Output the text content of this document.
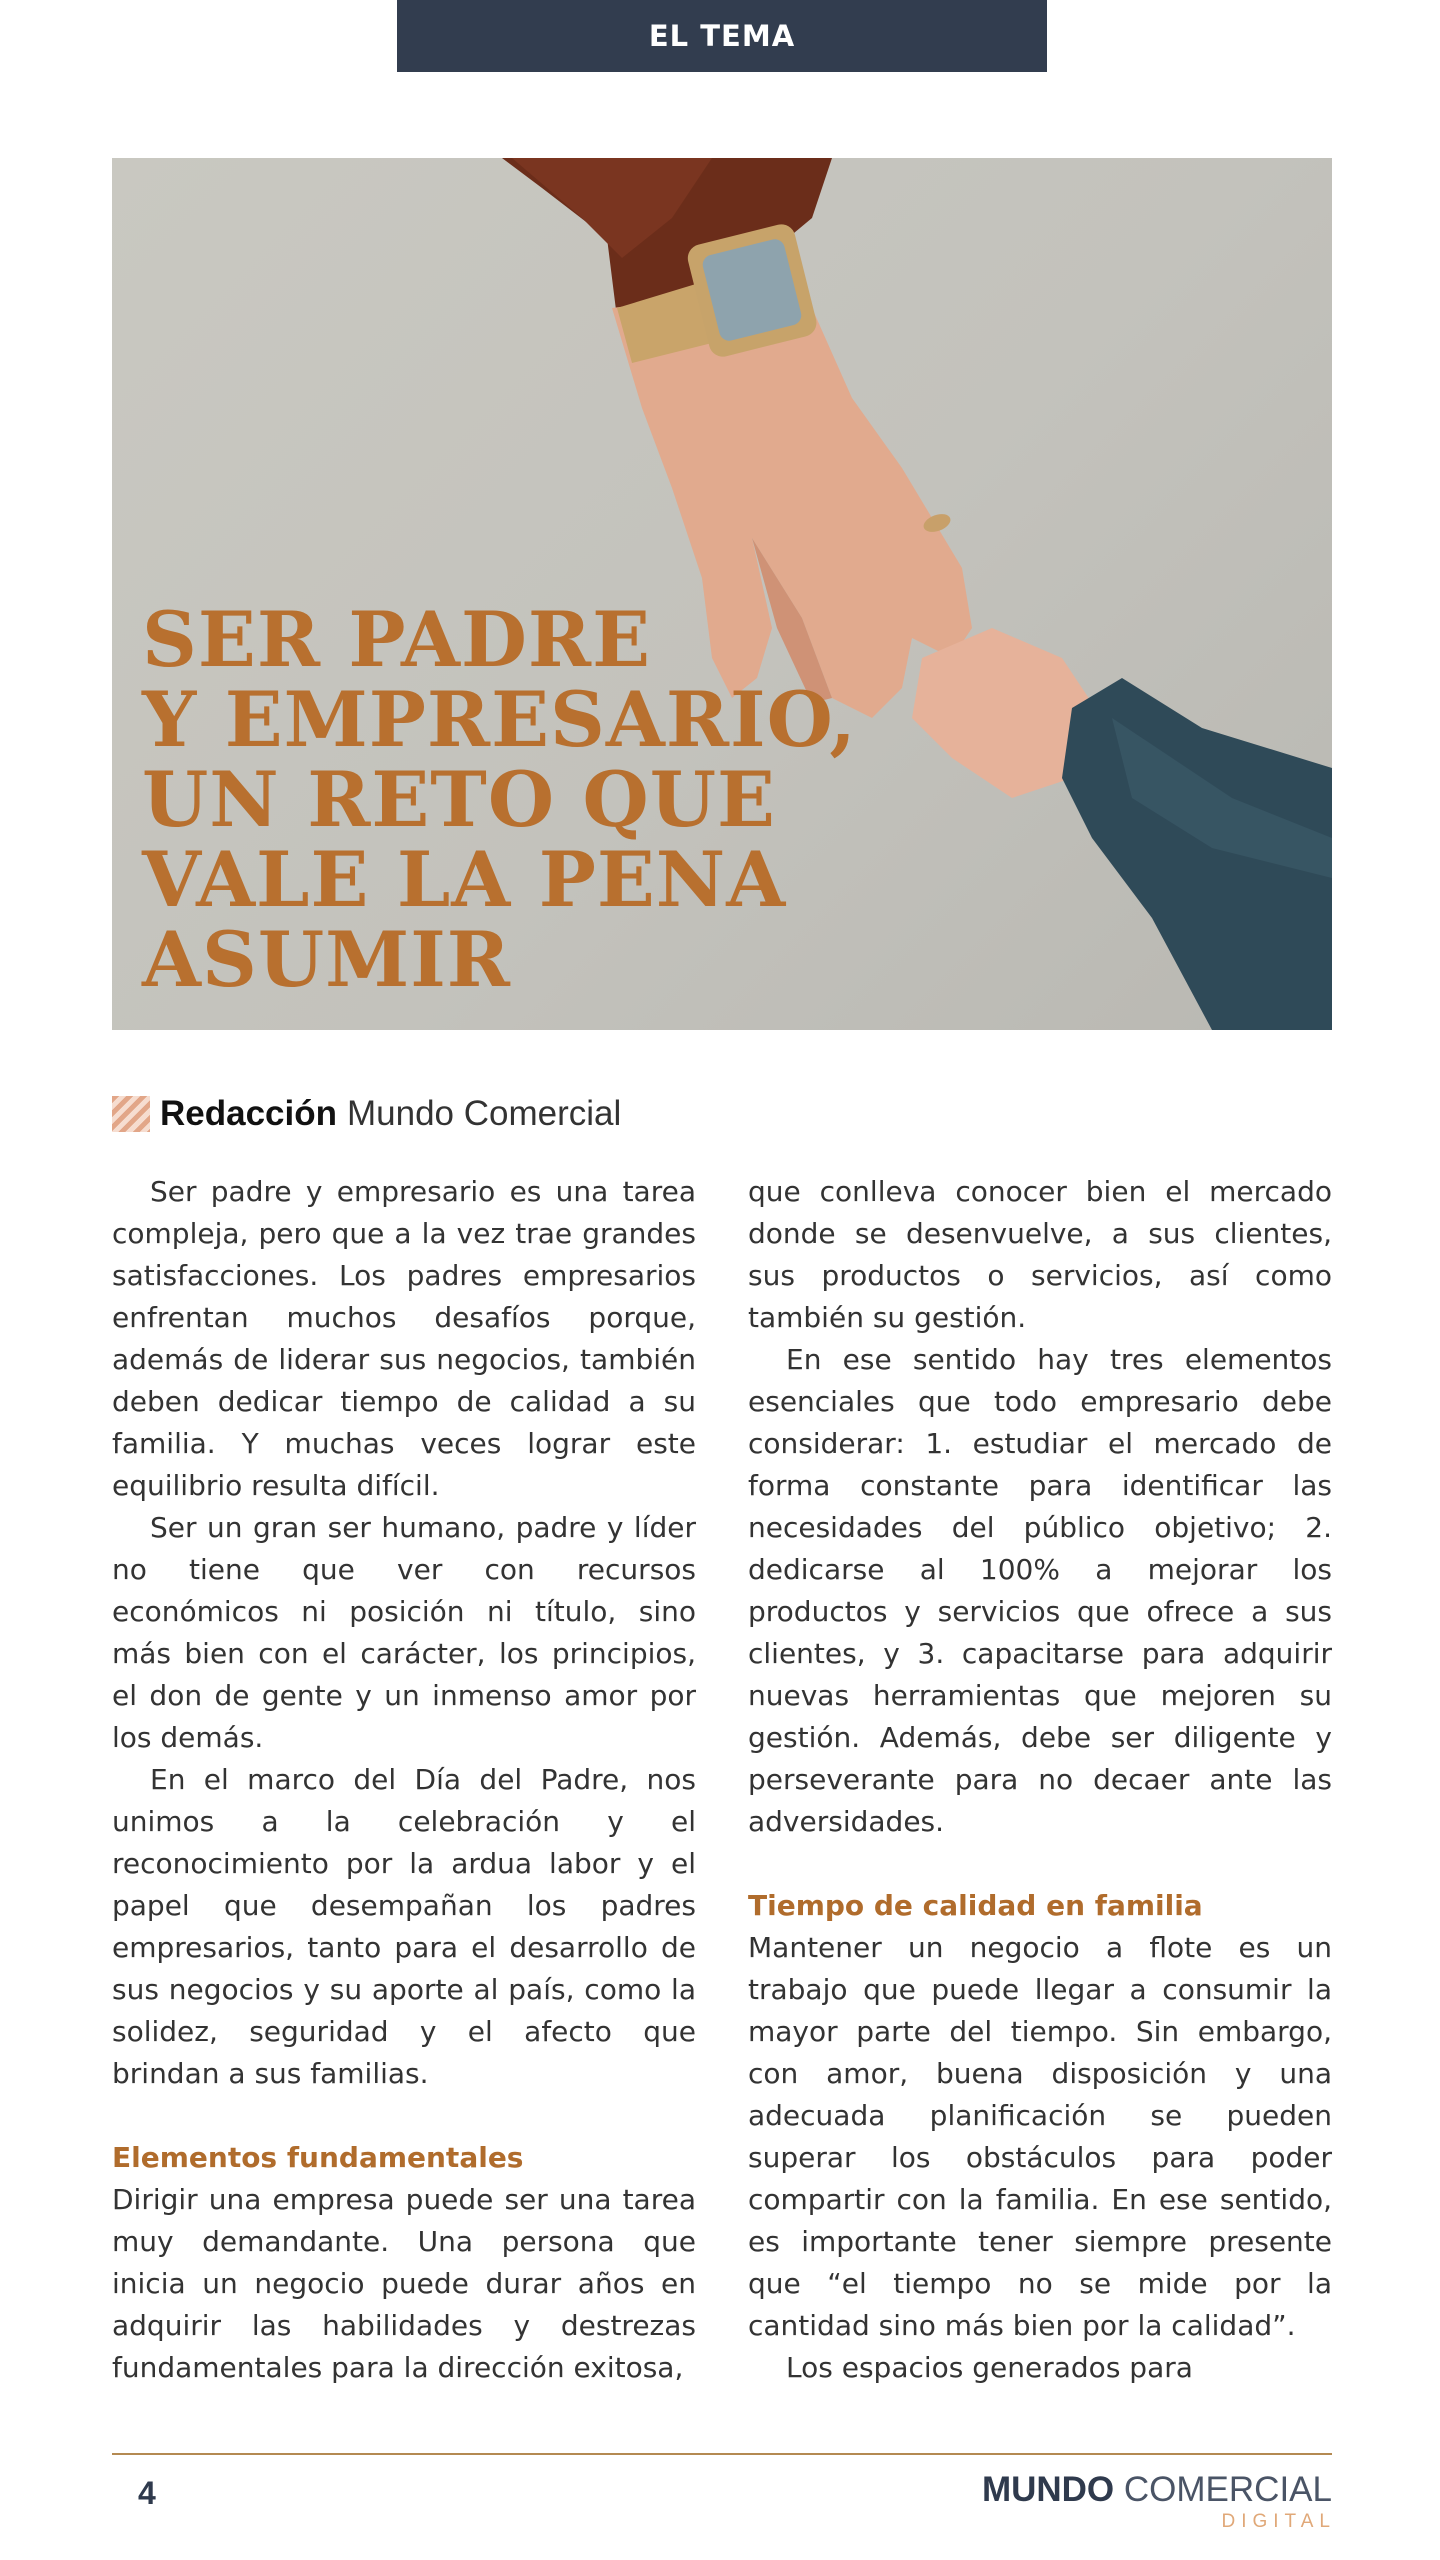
EL TEMA
SER PADRE
Y EMPRESARIO,
UN RETO QUE
VALE LA PENA
ASUMIR
Redacción Mundo Comercial

Ser padre y empresario es una tarea compleja, pero que a la vez trae grandes satisfacciones. Los padres empresarios enfrentan muchos desafíos porque, además de liderar sus negocios, también deben dedicar tiempo de calidad a su familia. Y muchas veces lograr este equilibrio resulta difícil.

Ser un gran ser humano, padre y líder no tiene que ver con recursos económicos ni posición ni título, sino más bien con el carácter, los principios, el don de gente y un inmenso amor por los demás.

En el marco del Día del Padre, nos unimos a la celebración y el reconocimiento por la ardua labor y el papel que desempañan los padres empresarios, tanto para el desarrollo de sus negocios y su aporte al país, como la solidez, seguridad y el afecto que brindan a sus familias.

Elementos fundamentales

Dirigir una empresa puede ser una tarea muy demandante. Una persona que inicia un negocio puede durar años en adquirir las habilidades y destrezas fundamentales para la dirección exitosa,

que conlleva conocer bien el mercado donde se desenvuelve, a sus clientes, sus productos o servicios, así como también su gestión.

En ese sentido hay tres elementos esenciales que todo empresario debe considerar: 1. estudiar el mercado de forma constante para identificar las necesidades del público objetivo; 2. dedicarse al 100% a mejorar los productos y servicios que ofrece a sus clientes, y 3. capacitarse para adquirir nuevas herramientas que mejoren su gestión. Además, debe ser diligente y perseverante para no decaer ante las adversidades.

Tiempo de calidad en familia

Mantener un negocio a flote es un trabajo que puede llegar a consumir la mayor parte del tiempo. Sin embargo, con amor, buena disposición y una adecuada planificación se pueden superar los obstáculos para poder compartir con la familia. En ese sentido, es importante tener siempre presente que “el tiempo no se mide por la cantidad sino más bien por la calidad”.

Los espacios generados para

4	MUNDO COMERCIAL
DIGITAL
